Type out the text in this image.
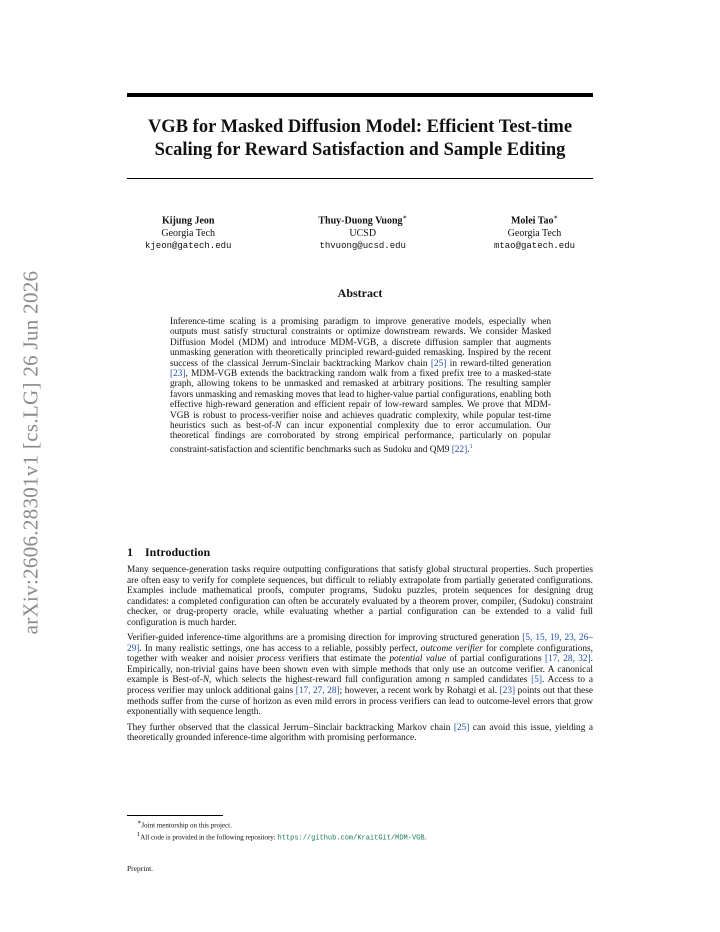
arXiv:2606.28301v1 [cs.LG] 26 Jun 2026
VGB for Masked Diffusion Model: Efficient Test-time
Scaling for Reward Satisfaction and Sample Editing
Kijung Jeon
Georgia Tech
kjeon@gatech.edu
Thuy-Duong Vuong∗
UCSD
thvuong@ucsd.edu
Molei Tao∗
Georgia Tech
mtao@gatech.edu
Abstract

Inference-time scaling is a promising paradigm to improve generative models, especially when outputs must satisfy structural constraints or optimize downstream rewards. We consider Masked Diffusion Model (MDM) and introduce MDM-VGB, a discrete diffusion sampler that augments unmasking generation with theoretically principled reward-guided remasking. Inspired by the recent success of the classical Jerrum-Sinclair backtracking Markov chain [25] in reward-tilted generation [23], MDM-VGB extends the backtracking random walk from a fixed prefix tree to a masked-state graph, allowing tokens to be unmasked and remasked at arbitrary positions. The resulting sampler favors unmasking and remasking moves that lead to higher-value partial configurations, enabling both effective high-reward generation and efficient repair of low-reward samples. We prove that MDM-VGB is robust to process-verifier noise and achieves quadratic complexity, while popular test-time heuristics such as best-of-N can incur exponential complexity due to error accumulation. Our theoretical findings are corroborated by strong empirical performance, particularly on popular constraint-satisfaction and scientific benchmarks such as Sudoku and QM9 [22].$^1$

1 Introduction

Many sequence-generation tasks require outputting configurations that satisfy global structural properties. Such properties are often easy to verify for complete sequences, but difficult to reliably extrapolate from partially generated configurations. Examples include mathematical proofs, computer programs, Sudoku puzzles, protein sequences for designing drug candidates: a completed configuration can often be accurately evaluated by a theorem prover, compiler, (Sudoku) constraint checker, or drug-property oracle, while evaluating whether a partial configuration can be extended to a valid full configuration is much harder.

Verifier-guided inference-time algorithms are a promising direction for improving structured generation [5, 15, 19, 23, 26–29]. In many realistic settings, one has access to a reliable, possibly perfect, outcome verifier for complete configurations, together with weaker and noisier process verifiers that estimate the potential value of partial configurations [17, 28, 32]. Empirically, non-trivial gains have been shown even with simple methods that only use an outcome verifier. A canonical example is Best-of-N, which selects the highest-reward full configuration among n sampled candidates [5]. Access to a process verifier may unlock additional gains [17, 27, 28]; however, a recent work by Rohatgi et al. [23] points out that these methods suffer from the curse of horizon as even mild errors in process verifiers can lead to outcome-level errors that grow exponentially with sequence length.

They further observed that the classical Jerrum–Sinclair backtracking Markov chain [25] can avoid this issue, yielding a theoretically grounded inference-time algorithm with promising performance.

∗Joint mentorship on this project.
$^1$All code is provided in the following repository: https://github.com/KraitGit/MDM-VGB.
Preprint.
